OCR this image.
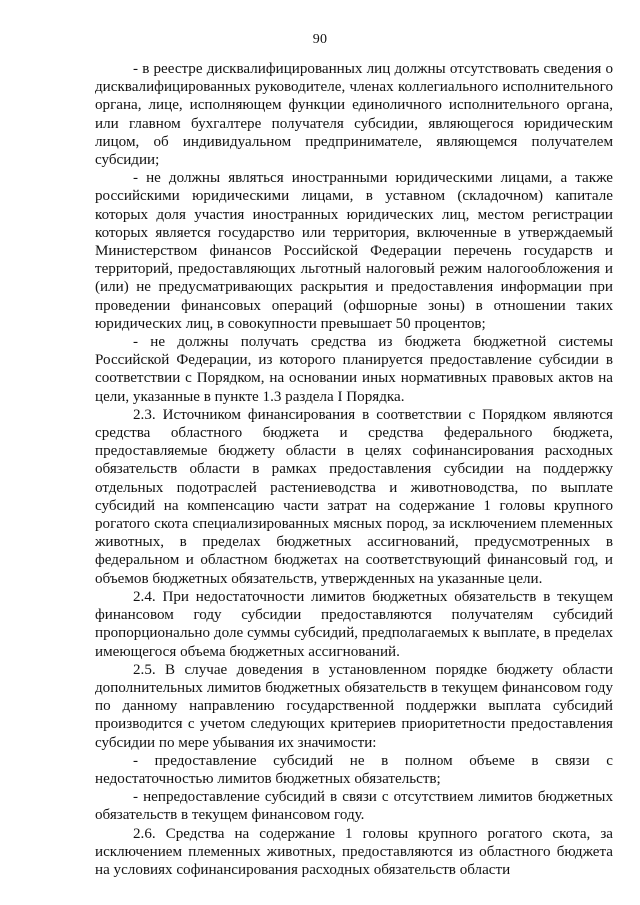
90

- в реестре дисквалифицированных лиц должны отсутствовать сведения о дисквалифицированных руководителе, членах коллегиального исполнительного органа, лице, исполняющем функции единоличного исполнительного органа, или главном бухгалтере получателя субсидии, являющегося юридическим лицом, об индивидуальном предпринимателе, являющемся получателем субсидии;

- не должны являться иностранными юридическими лицами, а также российскими юридическими лицами, в уставном (складочном) капитале которых доля участия иностранных юридических лиц, местом регистрации которых является государство или территория, включенные в утверждаемый Министерством финансов Российской Федерации перечень государств и территорий, предоставляющих льготный налоговый режим налогообложения и (или) не предусматривающих раскрытия и предоставления информации при проведении финансовых операций (офшорные зоны) в отношении таких юридических лиц, в совокупности превышает 50 процентов;

- не должны получать средства из бюджета бюджетной системы Российской Федерации, из которого планируется предоставление субсидии в соответствии с Порядком, на основании иных нормативных правовых актов на цели, указанные в пункте 1.3 раздела I Порядка.

2.3. Источником финансирования в соответствии с Порядком являются средства областного бюджета и средства федерального бюджета, предоставляемые бюджету области в целях софинансирования расходных обязательств области в рамках предоставления субсидии на поддержку отдельных подотраслей растениеводства и животноводства, по выплате субсидий на компенсацию части затрат на содержание 1 головы крупного рогатого скота специализированных мясных пород, за исключением племенных животных, в пределах бюджетных ассигнований, предусмотренных в федеральном и областном бюджетах на соответствующий финансовый год, и объемов бюджетных обязательств, утвержденных на указанные цели.

2.4. При недостаточности лимитов бюджетных обязательств в текущем финансовом году субсидии предоставляются получателям субсидий пропорционально доле суммы субсидий, предполагаемых к выплате, в пределах имеющегося объема бюджетных ассигнований.

2.5. В случае доведения в установленном порядке бюджету области дополнительных лимитов бюджетных обязательств в текущем финансовом году по данному направлению государственной поддержки выплата субсидий производится с учетом следующих критериев приоритетности предоставления субсидии по мере убывания их значимости:

- предоставление субсидий не в полном объеме в связи с недостаточностью лимитов бюджетных обязательств;

- непредоставление субсидий в связи с отсутствием лимитов бюджетных обязательств в текущем финансовом году.

2.6. Средства на содержание 1 головы крупного рогатого скота, за исключением племенных животных, предоставляются из областного бюджета на условиях софинансирования расходных обязательств области
